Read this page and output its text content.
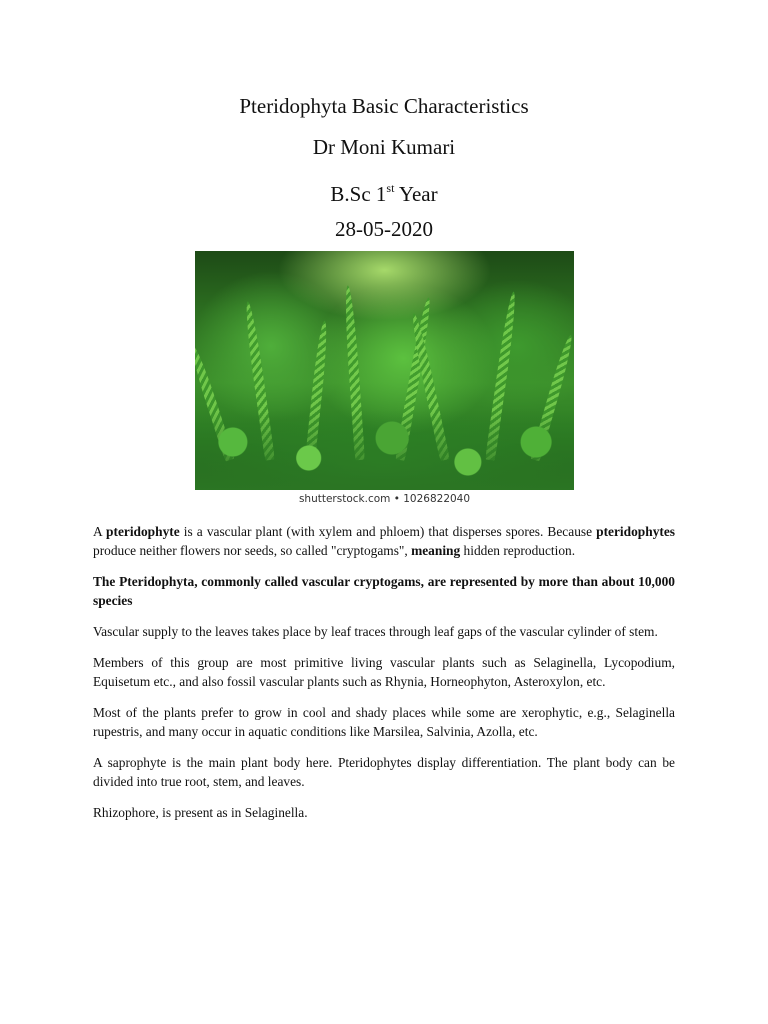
Pteridophyta Basic Characteristics
Dr Moni Kumari
B.Sc 1st Year
28-05-2020
shutterstock.com • 1026822040

A pteridophyte is a vascular plant (with xylem and phloem) that disperses spores. Because pteridophytes produce neither flowers nor seeds, so called "cryptogams", meaning hidden reproduction.

The Pteridophyta, commonly called vascular cryptogams, are represented by more than about 10,000 species

Vascular supply to the leaves takes place by leaf traces through leaf gaps of the vascular cylinder of stem.

Members of this group are most primitive living vascular plants such as Selaginella, Lycopodium, Equisetum etc., and also fossil vascular plants such as Rhynia, Horneophyton, Asteroxylon, etc.

Most of the plants prefer to grow in cool and shady places while some are xerophytic, e.g., Selaginella rupestris, and many occur in aquatic conditions like Marsilea, Salvinia, Azolla, etc.

A saprophyte is the main plant body here. Pteridophytes display differentiation. The plant body can be divided into true root, stem, and leaves.

Rhizophore, is present as in Selaginella.
